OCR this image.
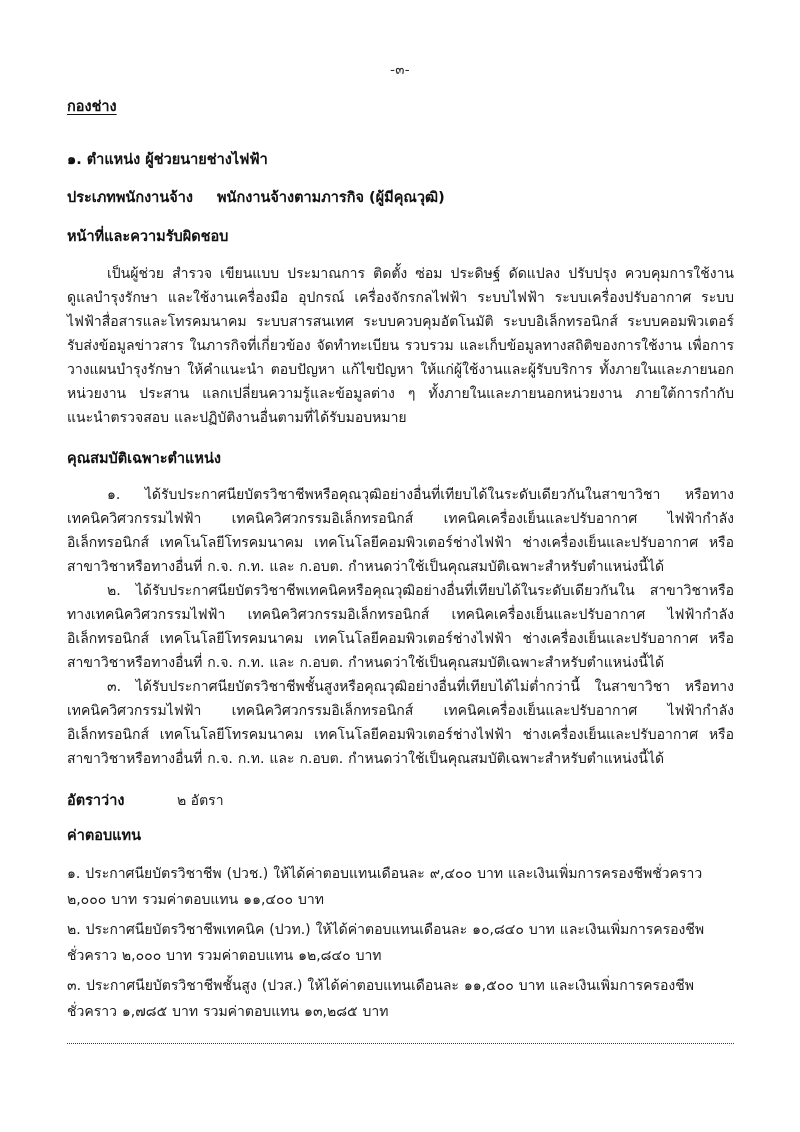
-๓-
กองช่าง
๑. ตำแหน่ง ผู้ช่วยนายช่างไฟฟ้า
ประเภทพนักงานจ้าง	พนักงานจ้างตามภารกิจ (ผู้มีคุณวุฒิ)
หน้าที่และความรับผิดชอบ

เป็นผู้ช่วย สำรวจ เขียนแบบ ประมาณการ ติดตั้ง ซ่อม ประดิษฐ์ ดัดแปลง ปรับปรุง ควบคุมการใช้งาน ดูแลบำรุงรักษา และใช้งานเครื่องมือ อุปกรณ์ เครื่องจักรกลไฟฟ้า ระบบไฟฟ้า ระบบเครื่องปรับอากาศ ระบบไฟฟ้าสื่อสารและโทรคมนาคม ระบบสารสนเทศ ระบบควบคุมอัตโนมัติ ระบบอิเล็กทรอนิกส์ ระบบคอมพิวเตอร์ รับส่งข้อมูลข่าวสาร ในภารกิจที่เกี่ยวข้อง จัดทำทะเบียน รวบรวม และเก็บข้อมูลทางสถิติของการใช้งาน เพื่อการวางแผนบำรุงรักษา ให้คำแนะนำ ตอบปัญหา แก้ไขปัญหา ให้แก่ผู้ใช้งานและผู้รับบริการ ทั้งภายในและภายนอกหน่วยงาน ประสาน แลกเปลี่ยนความรู้และข้อมูลต่าง ๆ ทั้งภายในและภายนอกหน่วยงาน ภายใต้การกำกับ แนะนำตรวจสอบ และปฏิบัติงานอื่นตามที่ได้รับมอบหมาย

คุณสมบัติเฉพาะตำแหน่ง

๑. ได้รับประกาศนียบัตรวิชาชีพหรือคุณวุฒิอย่างอื่นที่เทียบได้ในระดับเดียวกันในสาขาวิชา หรือทางเทคนิควิศวกรรมไฟฟ้า เทคนิควิศวกรรมอิเล็กทรอนิกส์ เทคนิคเครื่องเย็นและปรับอากาศ ไฟฟ้ากำลัง อิเล็กทรอนิกส์ เทคโนโลยีโทรคมนาคม เทคโนโลยีคอมพิวเตอร์ช่างไฟฟ้า ช่างเครื่องเย็นและปรับอากาศ หรือ สาขาวิชาหรือทางอื่นที่ ก.จ. ก.ท. และ ก.อบต. กำหนดว่าใช้เป็นคุณสมบัติเฉพาะสำหรับตำแหน่งนี้ได้

๒. ได้รับประกาศนียบัตรวิชาชีพเทคนิคหรือคุณวุฒิอย่างอื่นที่เทียบได้ในระดับเดียวกันใน สาขาวิชาหรือทางเทคนิควิศวกรรมไฟฟ้า เทคนิควิศวกรรมอิเล็กทรอนิกส์ เทคนิคเครื่องเย็นและปรับอากาศ ไฟฟ้ากำลัง อิเล็กทรอนิกส์ เทคโนโลยีโทรคมนาคม เทคโนโลยีคอมพิวเตอร์ช่างไฟฟ้า ช่างเครื่องเย็นและปรับอากาศ หรือสาขาวิชาหรือทางอื่นที่ ก.จ. ก.ท. และ ก.อบต. กำหนดว่าใช้เป็นคุณสมบัติเฉพาะสำหรับตำแหน่งนี้ได้

๓. ได้รับประกาศนียบัตรวิชาชีพชั้นสูงหรือคุณวุฒิอย่างอื่นที่เทียบได้ไม่ต่ำกว่านี้ ในสาขาวิชา หรือทางเทคนิควิศวกรรมไฟฟ้า เทคนิควิศวกรรมอิเล็กทรอนิกส์ เทคนิคเครื่องเย็นและปรับอากาศ ไฟฟ้ากำลัง อิเล็กทรอนิกส์ เทคโนโลยีโทรคมนาคม เทคโนโลยีคอมพิวเตอร์ช่างไฟฟ้า ช่างเครื่องเย็นและปรับอากาศ หรือ สาขาวิชาหรือทางอื่นที่ ก.จ. ก.ท. และ ก.อบต. กำหนดว่าใช้เป็นคุณสมบัติเฉพาะสำหรับตำแหน่งนี้ได้

อัตราว่าง	๒ อัตรา
ค่าตอบแทน

๑. ประกาศนียบัตรวิชาชีพ (ปวช.) ให้ได้ค่าตอบแทนเดือนละ ๙,๔๐๐ บาท และเงินเพิ่มการครองชีพชั่วคราว ๒,๐๐๐ บาท รวมค่าตอบแทน ๑๑,๔๐๐ บาท

๒. ประกาศนียบัตรวิชาชีพเทคนิค (ปวท.) ให้ได้ค่าตอบแทนเดือนละ ๑๐,๘๔๐ บาท และเงินเพิ่มการครองชีพชั่วคราว ๒,๐๐๐ บาท รวมค่าตอบแทน ๑๒,๘๔๐ บาท

๓. ประกาศนียบัตรวิชาชีพชั้นสูง (ปวส.) ให้ได้ค่าตอบแทนเดือนละ ๑๑,๕๐๐ บาท และเงินเพิ่มการครองชีพชั่วคราว ๑,๗๘๕ บาท รวมค่าตอบแทน ๑๓,๒๘๕ บาท
